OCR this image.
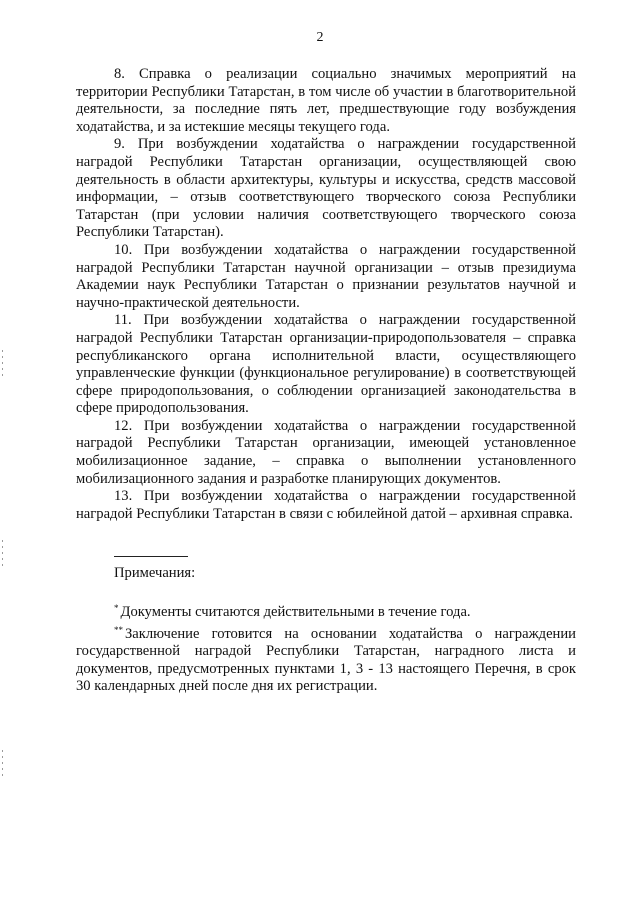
2

8. Справка о реализации социально значимых мероприятий на территории Республики Татарстан, в том числе об участии в благотворительной деятельности, за последние пять лет, предшествующие году возбуждения ходатайства, и за истекшие месяцы текущего года.

9. При возбуждении ходатайства о награждении государственной наградой Республики Татарстан организации, осуществляющей свою деятельность в области архитектуры, культуры и искусства, средств массовой информации, – отзыв соответствующего творческого союза Республики Татарстан (при условии наличия соответствующего творческого союза Республики Татарстан).

10. При возбуждении ходатайства о награждении государственной наградой Республики Татарстан научной организации – отзыв президиума Академии наук Республики Татарстан о признании результатов научной и научно-практической деятельности.

11. При возбуждении ходатайства о награждении государственной наградой Республики Татарстан организации-природопользователя – справка республиканского органа исполнительной власти, осуществляющего управленческие функции (функциональное регулирование) в соответствующей сфере природопользования, о соблюдении организацией законодательства в сфере природопользования.

12. При возбуждении ходатайства о награждении государственной наградой Республики Татарстан организации, имеющей установленное мобилизационное задание, – справка о выполнении установленного мобилизационного задания и разработке планирующих документов.

13. При возбуждении ходатайства о награждении государственной наградой Республики Татарстан в связи с юбилейной датой – архивная справка.

Примечания:

* Документы считаются действительными в течение года.

** Заключение готовится на основании ходатайства о награждении государственной наградой Республики Татарстан, наградного листа и документов, предусмотренных пунктами 1, 3 - 13 настоящего Перечня, в срок 30 календарных дней после дня их регистрации.
